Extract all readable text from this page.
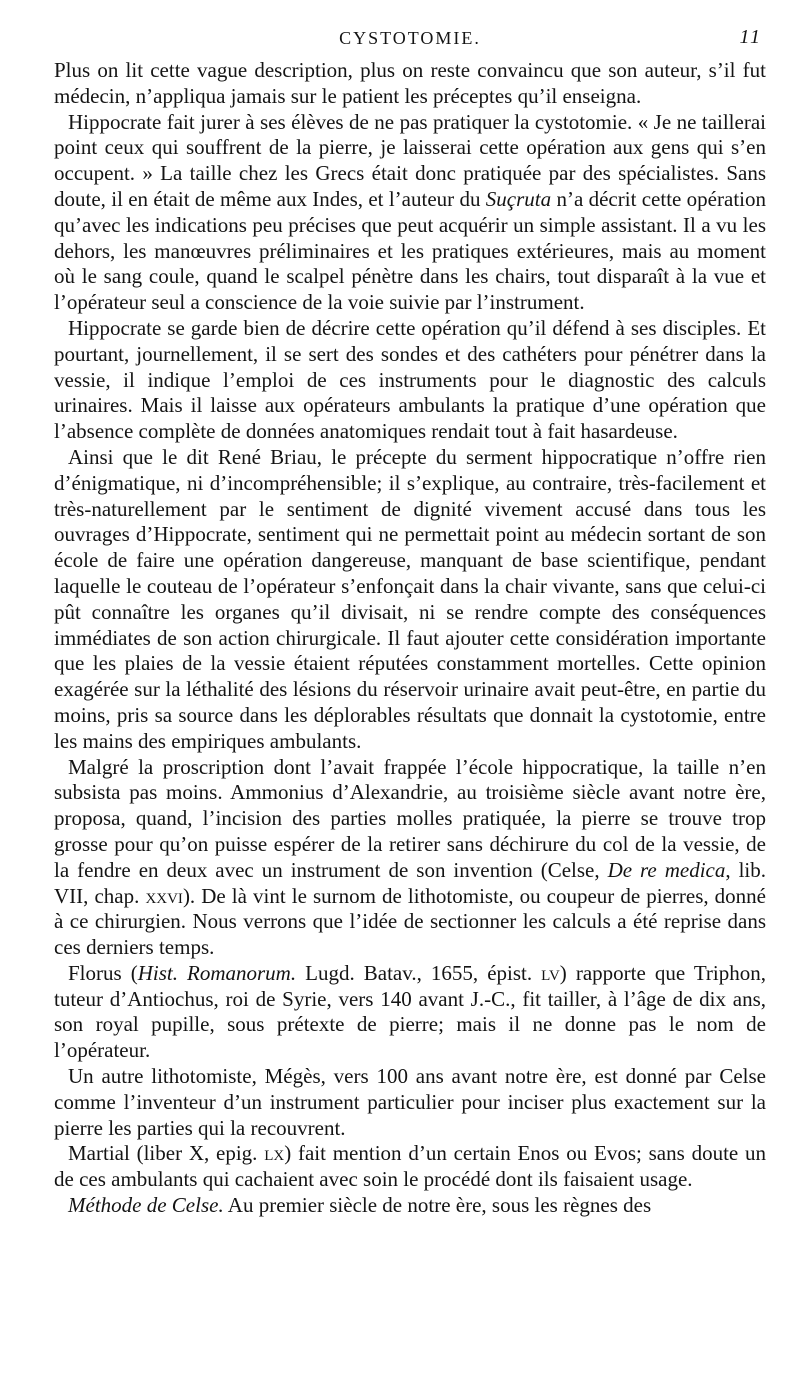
CYSTOTOMIE.	11

Plus on lit cette vague description, plus on reste convaincu que son auteur, s’il fut médecin, n’appliqua jamais sur le patient les préceptes qu’il enseigna.

Hippocrate fait jurer à ses élèves de ne pas pratiquer la cystotomie. « Je ne taillerai point ceux qui souffrent de la pierre, je laisserai cette opération aux gens qui s’en occupent. » La taille chez les Grecs était donc pratiquée par des spécialistes. Sans doute, il en était de même aux Indes, et l’auteur du Suçruta n’a décrit cette opération qu’avec les indications peu précises que peut acquérir un simple assistant. Il a vu les dehors, les manœuvres préliminaires et les pratiques extérieures, mais au moment où le sang coule, quand le scalpel pénètre dans les chairs, tout disparaît à la vue et l’opérateur seul a conscience de la voie suivie par l’instrument.

Hippocrate se garde bien de décrire cette opération qu’il défend à ses disciples. Et pourtant, journellement, il se sert des sondes et des cathéters pour pénétrer dans la vessie, il indique l’emploi de ces instruments pour le diagnostic des calculs urinaires. Mais il laisse aux opérateurs ambulants la pratique d’une opération que l’absence complète de données anatomiques rendait tout à fait hasardeuse.

Ainsi que le dit René Briau, le précepte du serment hippocratique n’offre rien d’énigmatique, ni d’incompréhensible; il s’explique, au contraire, très-facilement et très-naturellement par le sentiment de dignité vivement accusé dans tous les ouvrages d’Hippocrate, sentiment qui ne permettait point au médecin sortant de son école de faire une opération dangereuse, manquant de base scientifique, pendant laquelle le couteau de l’opérateur s’enfonçait dans la chair vivante, sans que celui-ci pût connaître les organes qu’il divisait, ni se rendre compte des conséquences immédiates de son action chirurgicale. Il faut ajouter cette considération importante que les plaies de la vessie étaient réputées constamment mortelles. Cette opinion exagérée sur la léthalité des lésions du réservoir urinaire avait peut-être, en partie du moins, pris sa source dans les déplorables résultats que donnait la cystotomie, entre les mains des empiriques ambulants.

Malgré la proscription dont l’avait frappée l’école hippocratique, la taille n’en subsista pas moins. Ammonius d’Alexandrie, au troisième siècle avant notre ère, proposa, quand, l’incision des parties molles pratiquée, la pierre se trouve trop grosse pour qu’on puisse espérer de la retirer sans déchirure du col de la vessie, de la fendre en deux avec un instrument de son invention (Celse, De re medica, lib. VII, chap. xxvi). De là vint le surnom de lithotomiste, ou coupeur de pierres, donné à ce chirurgien. Nous verrons que l’idée de sectionner les calculs a été reprise dans ces derniers temps.

Florus (Hist. Romanorum. Lugd. Batav., 1655, épist. lv) rapporte que Triphon, tuteur d’Antiochus, roi de Syrie, vers 140 avant J.-C., fit tailler, à l’âge de dix ans, son royal pupille, sous prétexte de pierre; mais il ne donne pas le nom de l’opérateur.

Un autre lithotomiste, Mégès, vers 100 ans avant notre ère, est donné par Celse comme l’inventeur d’un instrument particulier pour inciser plus exactement sur la pierre les parties qui la recouvrent.

Martial (liber X, epig. lx) fait mention d’un certain Enos ou Evos; sans doute un de ces ambulants qui cachaient avec soin le procédé dont ils faisaient usage.

Méthode de Celse. Au premier siècle de notre ère, sous les règnes des
